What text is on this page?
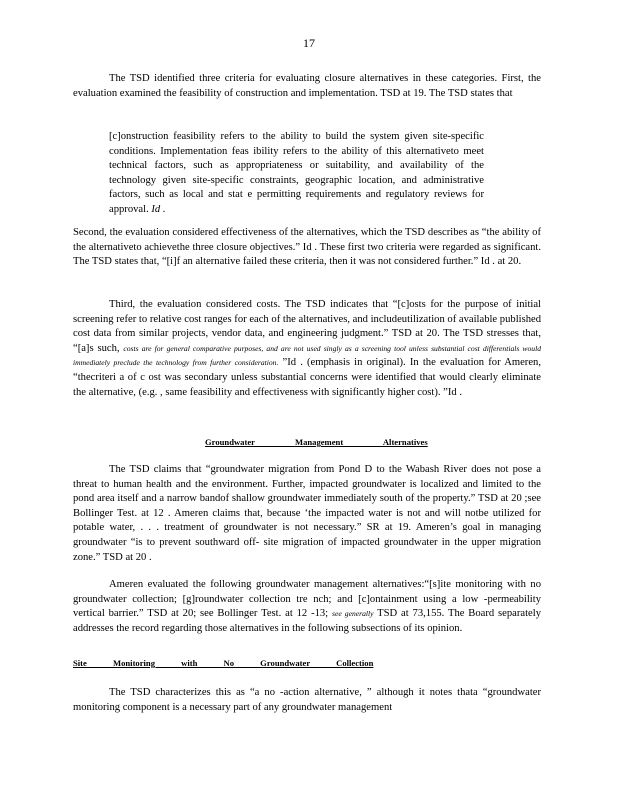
17

The TSD identified three criteria for evaluating closure alternatives in these categories. First, the evaluation examined the feasibility of construction and implementation. TSD at 19. The TSD states that

[c]onstruction feasibility refers to the ability to build the system given site-specific conditions. Implementation feas ibility refers to the ability of this alternativeto meet technical factors, such as appropriateness or suitability, and availability of the technology given site-specific constraints, geographic location, and administrative factors, such as local and stat e permitting requirements and regulatory reviews for approval. Id .

Second, the evaluation considered effectiveness of the alternatives, which the TSD describes as “the ability of the alternativeto achievethe three closure objectives.” Id . These first two criteria were regarded as significant. The TSD states that, “[i]f an alternative failed these criteria, then it was not considered further.” Id . at 20.

Third, the evaluation considered costs. The TSD indicates that “[c]osts for the purpose of initial screening refer to relative cost ranges for each of the alternatives, and includeutilization of available published cost data from similar projects, vendor data, and engineering judgment.” TSD at 20. The TSD stresses that, “[a]s such, costs are for general comparative purposes, and are not used singly as a screening tool unless substantial cost differentials would immediately preclude the technology from further consideration. ”Id . (emphasis in original). In the evaluation for Ameren, “thecriteri a of c ost was secondary unless substantial concerns were identified that would clearly eliminate the alternative, (e.g. , same feasibility and effectiveness with significantly higher cost). ”Id .

Groundwater Management Alternatives

The TSD claims that “groundwater migration from Pond D to the Wabash River does not pose a threat to human health and the environment. Further, impacted groundwater is localized and limited to the pond area itself and a narrow bandof shallow groundwater immediately south of the property.” TSD at 20 ;see Bollinger Test. at 12 . Ameren claims that, because ‘the impacted water is not and will notbe utilized for potable water, . . . treatment of groundwater is not necessary.” SR at 19. Ameren’s goal in managing groundwater “is to prevent southward off- site migration of impacted groundwater in the upper migration zone.” TSD at 20 .

Ameren evaluated the following groundwater management alternatives:“[s]ite monitoring with no groundwater collection; [g]roundwater collection tre nch; and [c]ontainment using a low -permeability vertical barrier.” TSD at 20; see Bollinger Test. at 12 -13; see generally TSD at 73,155. The Board separately addresses the record regarding those alternatives in the following subsections of its opinion.

Site Monitoring with No Groundwater Collection

The TSD characterizes this as “a no -action alternative, ” although it notes thata “groundwater monitoring component is a necessary part of any groundwater management
